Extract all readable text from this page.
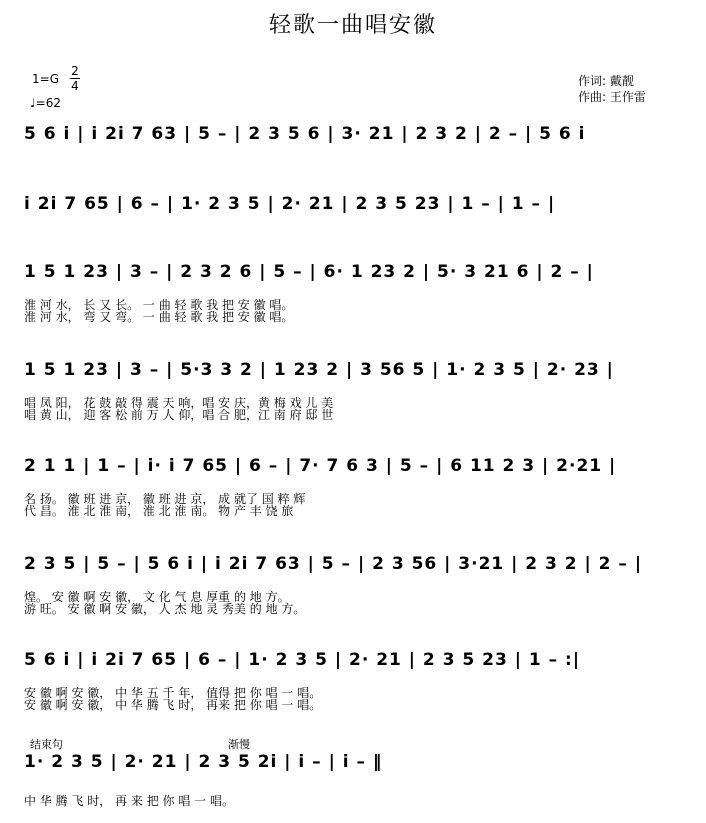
轻歌一曲唱安徽
1=G
2
4
♩=62
作词: 戴靓
作曲: 王作雷
5 6 i | i 2i 7 63 | 5 – | 2 3 5 6 | 3· 21 | 2 3 2 | 2 – | 5 6 i
i 2i 7 65 | 6 – | 1· 2 3 5 | 2· 21 | 2 3 5 23 | 1 – | 1 – |
1 5 1 23 | 3 – | 2 3 2 6 | 5 – | 6· 1 23 2 | 5· 3 21 6 | 2 – |
淮 河 水， 长 又 长。 一 曲 轻 歌 我 把 安 徽 唱。
淮 河 水， 弯 又 弯。 一 曲 轻 歌 我 把 安 徽 唱。
1 5 1 23 | 3 – | 5·3 3 2 | 1 23 2 | 3 56 5 | 1· 2 3 5 | 2· 23 |
唱 凤 阳， 花 鼓 敲 得 震 天 响，唱 安 庆，黄 梅 戏 儿 美
唱 黄 山， 迎 客 松 前 万 人 仰，唱 合 肥，江 南 府 邸 世
2 1 1 | 1 – | i· i 7 65 | 6 – | 7· 7 6 3 | 5 – | 6 11 2 3 | 2·21 |
名 扬。 徽 班 进 京， 徽 班 进 京， 成 就了 国 粹 辉
代 昌。 淮 北 淮 南， 淮 北 淮 南。 物 产 丰 饶 旅
2 3 5 | 5 – | 5 6 i | i 2i 7 63 | 5 – | 2 3 56 | 3·21 | 2 3 2 | 2 – |
煌。 安 徽 啊 安 徽， 文 化 气 息 厚重 的 地 方。
游 旺。 安 徽 啊 安 徽， 人 杰 地 灵 秀美 的 地 方。
5 6 i | i 2i 7 65 | 6 – | 1· 2 3 5 | 2· 21 | 2 3 5 23 | 1 – :|
安 徽 啊 安 徽， 中 华 五 千 年， 值得 把 你 唱 一 唱。
安 徽 啊 安 徽， 中 华 腾 飞 时， 再来 把 你 唱 一 唱。
结束句	渐慢
1· 2 3 5 | 2· 21 | 2 3 5 2i | i – | i – ‖
中 华 腾 飞 时， 再 来 把 你 唱 一 唱。
